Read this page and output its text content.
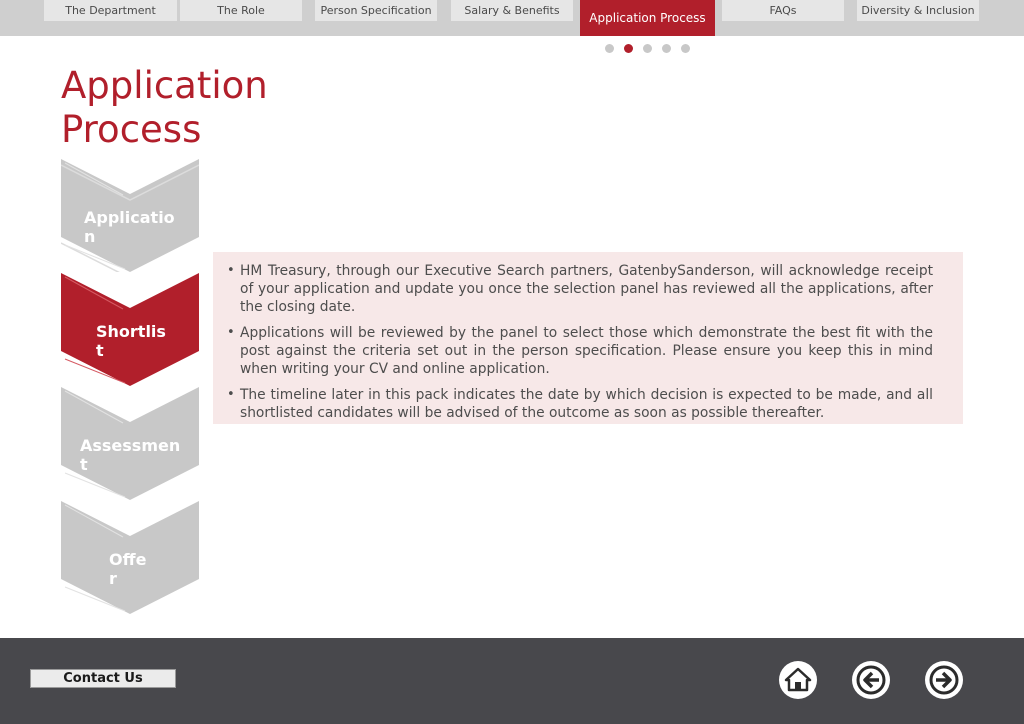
The Department	The Role	Person Specification	Salary & Benefits
Application Process
FAQs	Diversity & Inclusion
Application Process
Application
Shortlist
Assessment
Offer

• HM Treasury, through our Executive Search partners, GatenbySanderson, will acknowledge receipt of your application and update you once the selection panel has reviewed all the applications, after the closing date.

• Applications will be reviewed by the panel to select those which demonstrate the best fit with the post against the criteria set out in the person specification. Please ensure you keep this in mind when writing your CV and online application.

• The timeline later in this pack indicates the date by which decision is expected to be made, and all shortlisted candidates will be advised of the outcome as soon as possible thereafter.

Contact Us
